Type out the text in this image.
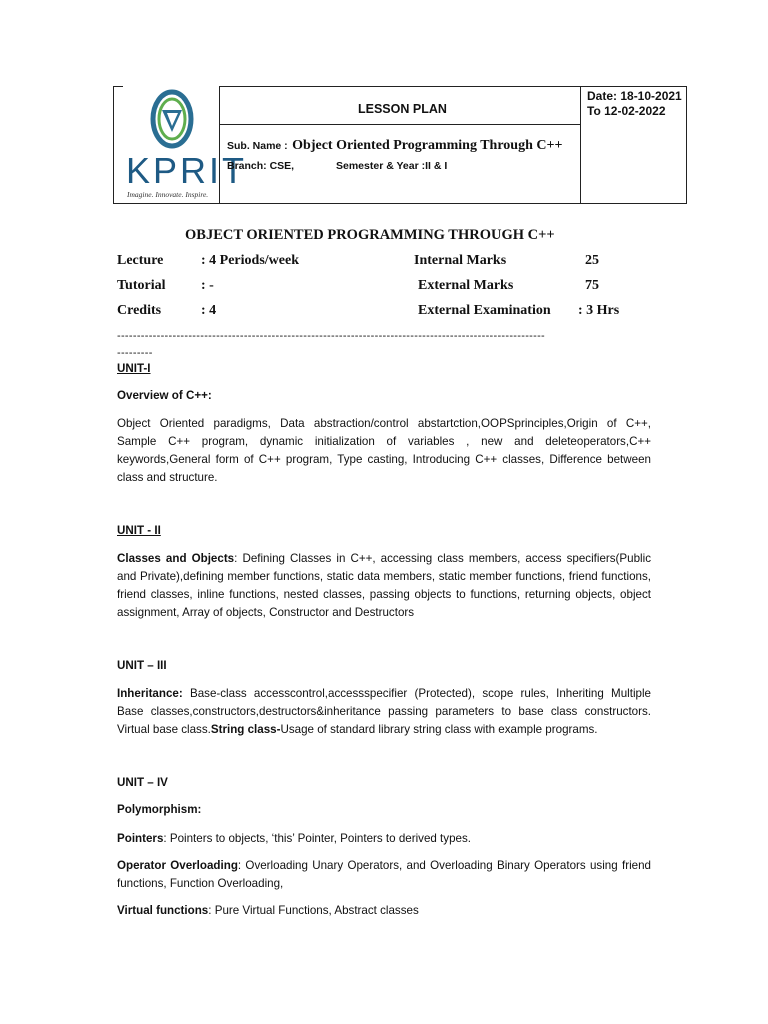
KPRIT
Imagine. Innovate. Inspire.
LESSON PLAN
Sub. Name : Object Oriented Programming Through C++
Branch: CSE,	Semester & Year :II & I
Date: 18-10-2021
To 12-02-2022
OBJECT ORIENTED PROGRAMMING THROUGH C++
Lecture	: 4 Periods/week	Internal Marks	25
Tutorial	: -	External Marks	75
Credits	: 4	External Examination : 3 Hrs
------------------------------------------------------------------------------------------------------------
---------
UNIT-I
Overview of C++:
Object Oriented paradigms, Data abstraction/control abstartction,OOPSprinciples,Origin of C++, Sample C++ program, dynamic initialization of variables , new and deleteoperators,C++ keywords,General form of C++ program, Type casting, Introducing C++ classes, Difference between class and structure.
UNIT - II
Classes and Objects: Defining Classes in C++, accessing class members, access specifiers(Public and Private),defining member functions, static data members, static member functions, friend functions, friend classes, inline functions, nested classes, passing objects to functions, returning objects, object assignment, Array of objects, Constructor and Destructors
UNIT – III
Inheritance: Base-class accesscontrol,accessspecifier (Protected), scope rules, Inheriting Multiple Base classes,constructors,destructors&inheritance passing parameters to base class constructors. Virtual base class.String class-Usage of standard library string class with example programs.
UNIT – IV
Polymorphism:
Pointers: Pointers to objects, ‘this’ Pointer, Pointers to derived types.
Operator Overloading: Overloading Unary Operators, and Overloading Binary Operators using friend functions, Function Overloading,
Virtual functions: Pure Virtual Functions, Abstract classes
